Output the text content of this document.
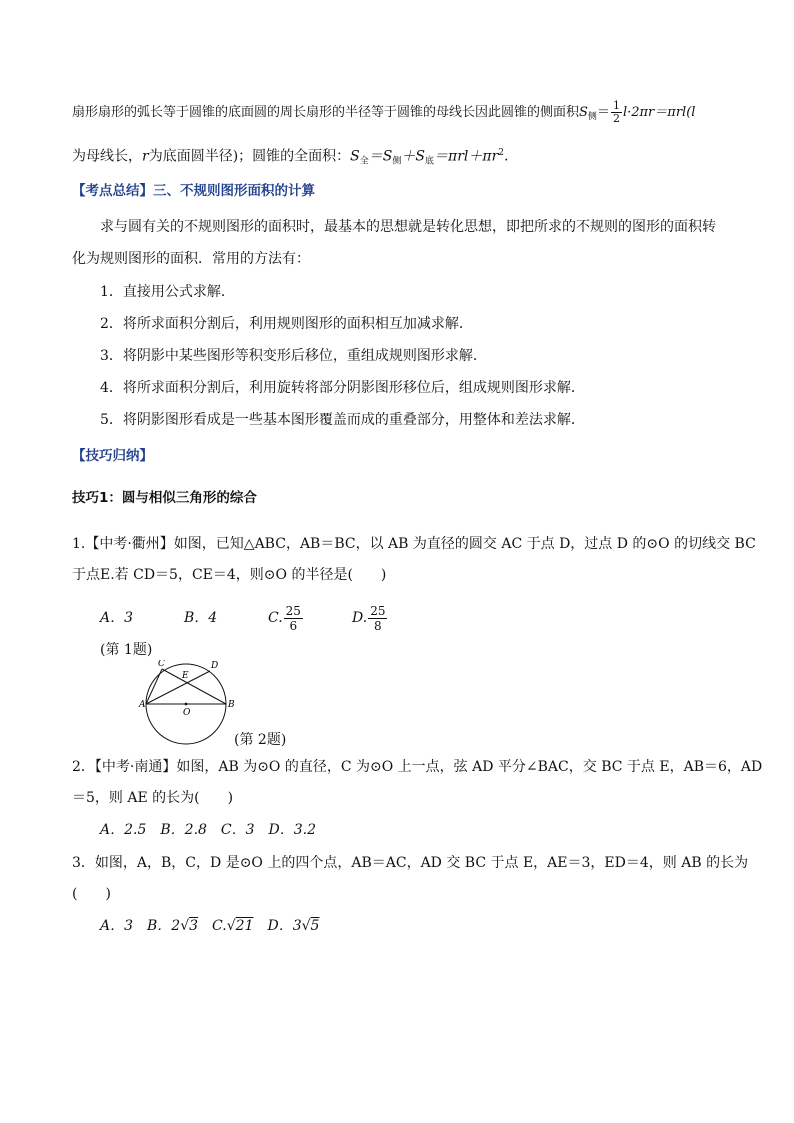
扇形扇形的弧长等于圆锥的底面圆的周长扇形的半径等于圆锥的母线长因此圆锥的侧面积$S_侧= \frac{1}{2} l\cdot 2\pi r=\pi rl(l$
为母线长，r为底面圆半径)；圆锥的全面积：$S_全=S_侧+S_底=\pi rl+\pi r^2$.
【考点总结】三、不规则图形面积的计算
求与圆有关的不规则图形的面积时，最基本的思想就是转化思想，即把所求的不规则的图形的面积转
化为规则图形的面积．常用的方法有：
1．直接用公式求解．
2．将所求面积分割后，利用规则图形的面积相互加减求解．
3．将阴影中某些图形等积变形后移位，重组成规则图形求解．
4．将所求面积分割后，利用旋转将部分阴影图形移位后，组成规则图形求解．
5．将阴影图形看成是一些基本图形覆盖而成的重叠部分，用整体和差法求解．
【技巧归纳】
技巧1：圆与相似三角形的综合
1.【中考·衢州】如图，已知△ABC，AB＝BC，以 AB 为直径的圆交 AC 于点 D，过点 D 的⊙O 的切线交 BC
于点E.若 CD＝5，CE＝4，则⊙O 的半径是(　　)
A．3	B．4	C. $\frac{25}{6}$	D. $\frac{25}{8}$
(第 1题)
C	D
E
A
O
B
(第 2题)
2．【中考·南通】如图，AB 为⊙O 的直径，C 为⊙O 上一点，弦 AD 平分∠BAC，交 BC 于点 E，AB＝6，AD
＝5，则 AE 的长为(　　)
A．2.5　B．2.8　C．3　D．3.2
3．如图，A，B，C，D 是⊙O 上的四个点，AB＝AC，AD 交 BC 于点 E，AE＝3，ED＝4，则 AB 的长为
(　　)
A．3　B．2√3　C.√21　D．3√5
